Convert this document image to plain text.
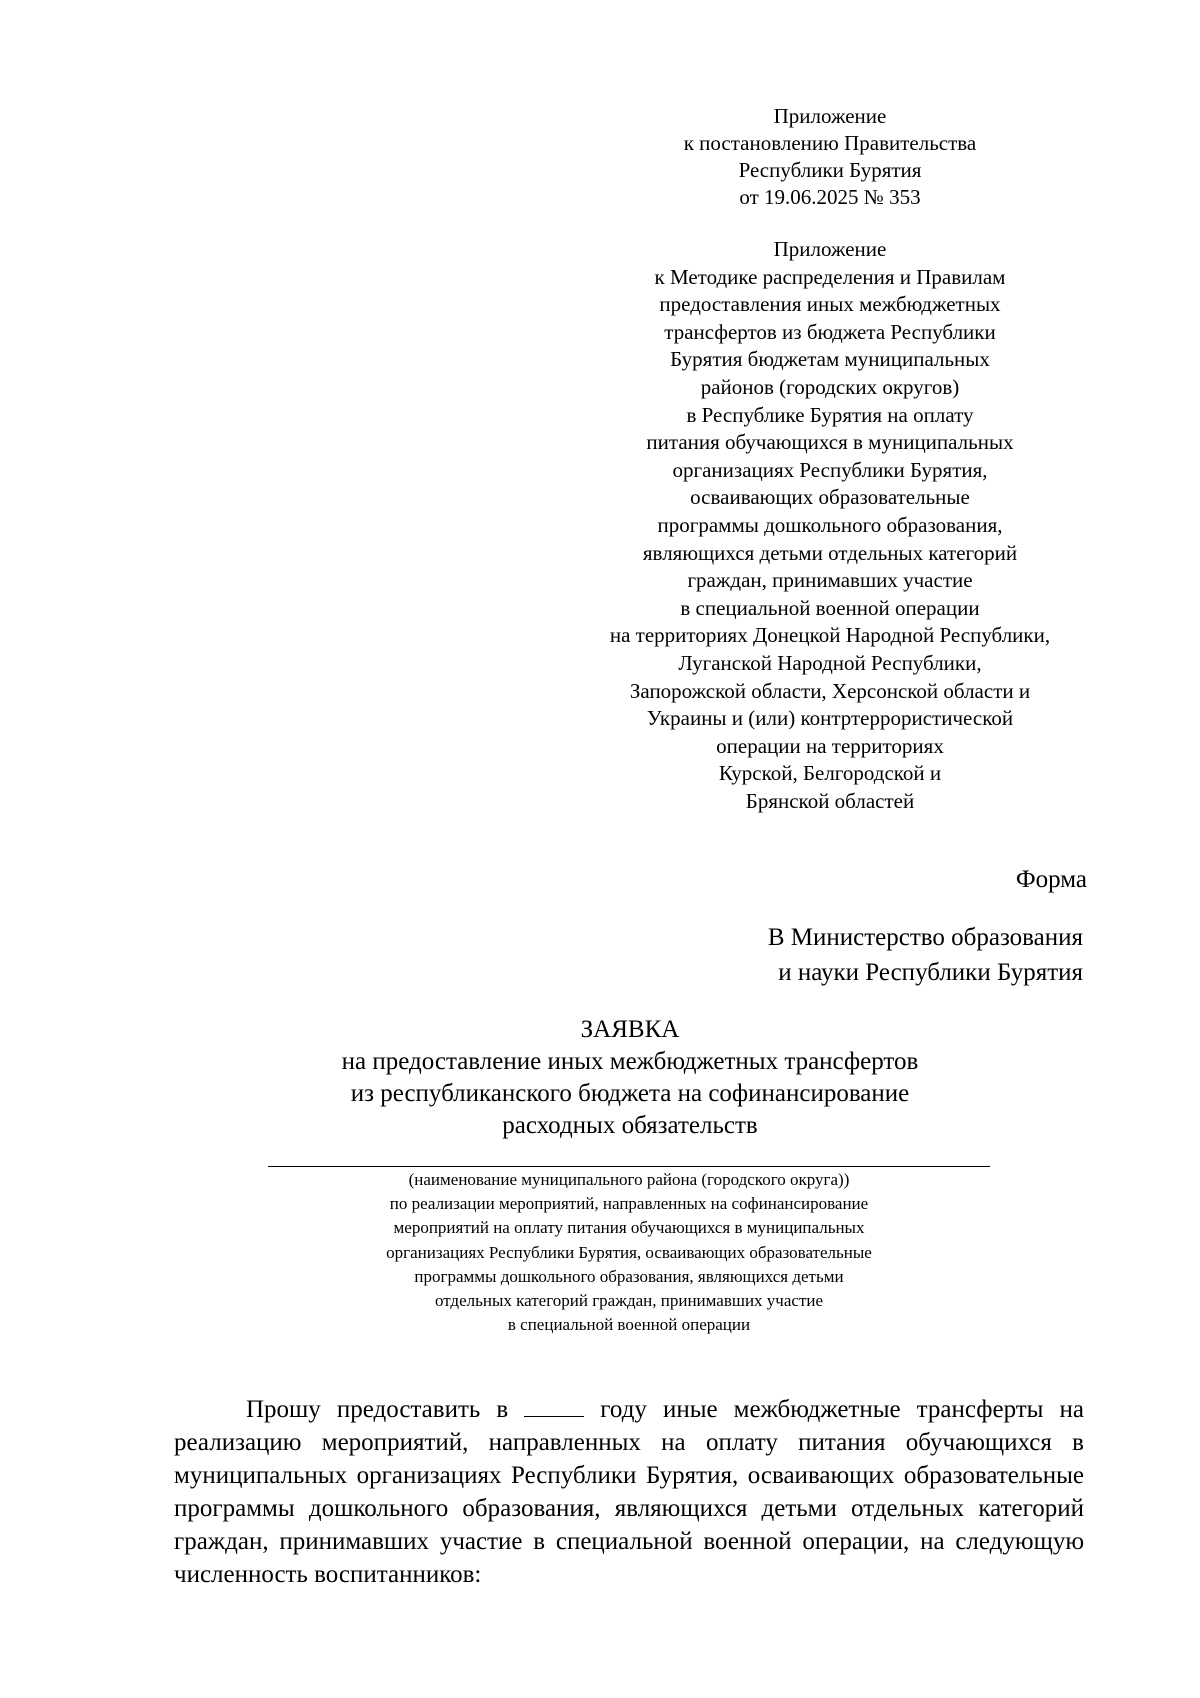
Приложение
к постановлению Правительства
Республики Бурятия
от 19.06.2025 № 353
Приложение
к Методике распределения и Правилам
предоставления иных межбюджетных
трансфертов из бюджета Республики
Бурятия бюджетам муниципальных
районов (городских округов)
в Республике Бурятия на оплату
питания обучающихся в муниципальных
организациях Республики Бурятия,
осваивающих образовательные
программы дошкольного образования,
являющихся детьми отдельных категорий
граждан, принимавших участие
в специальной военной операции
на территориях Донецкой Народной Республики,
Луганской Народной Республики,
Запорожской области, Херсонской области и
Украины и (или) контртеррористической
операции на территориях
Курской, Белгородской и
Брянской областей
Форма
В Министерство образования
и науки Республики Бурятия
ЗАЯВКА
на предоставление иных межбюджетных трансфертов
из республиканского бюджета на софинансирование
расходных обязательств
(наименование муниципального района (городского округа))
по реализации мероприятий, направленных на софинансирование
мероприятий на оплату питания обучающихся в муниципальных
организациях Республики Бурятия, осваивающих образовательные
программы дошкольного образования, являющихся детьми
отдельных категорий граждан, принимавших участие
в специальной военной операции

Прошу предоставить в	году иные межбюджетные трансферты на реализацию мероприятий, направленных на оплату питания обучающихся в муниципальных организациях Республики Бурятия, осваивающих образовательные программы дошкольного образования, являющихся детьми отдельных категорий граждан, принимавших участие в специальной военной операции, на следующую численность воспитанников:
